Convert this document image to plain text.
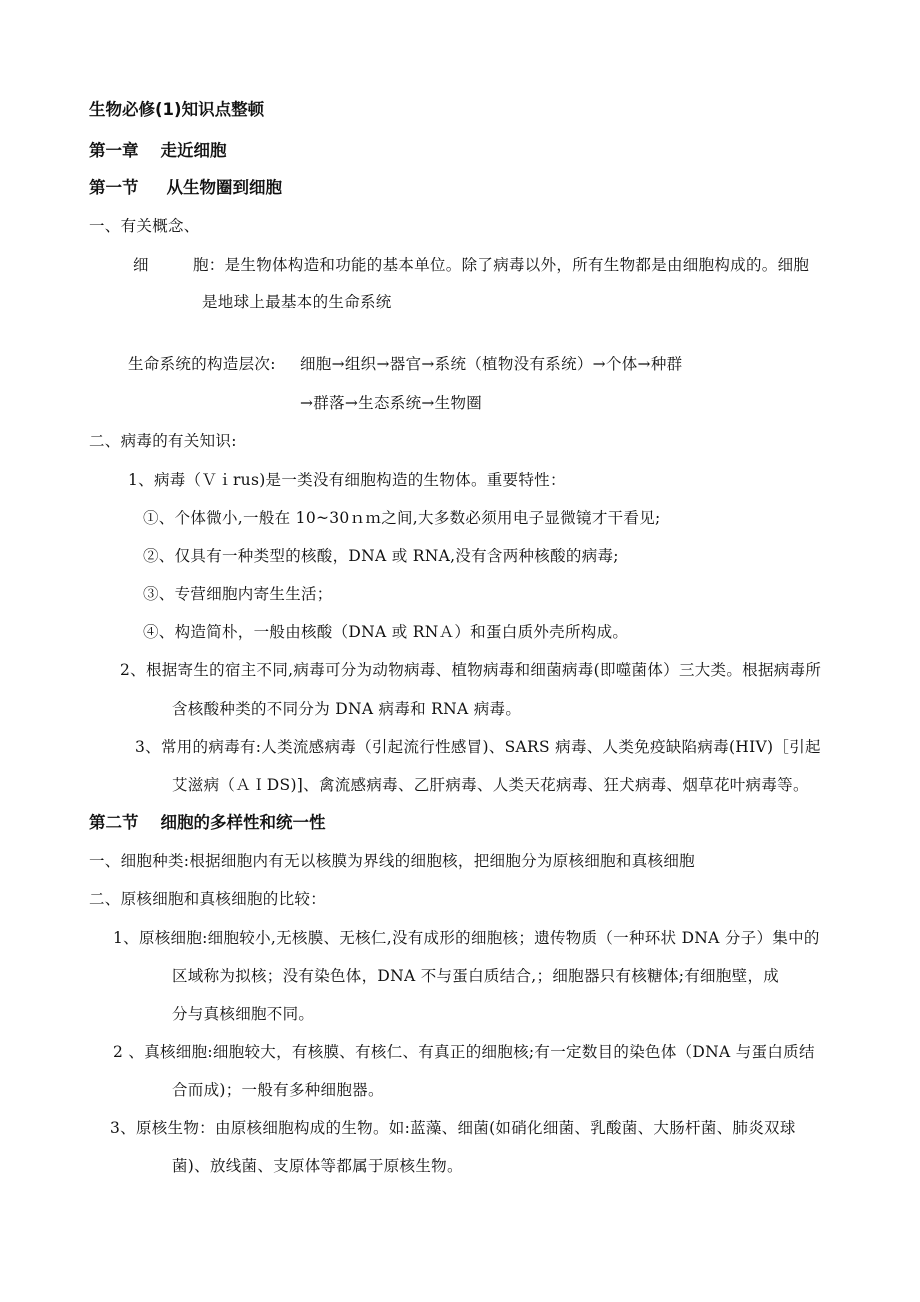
生物必修(1)知识点整顿
第一章 走近细胞
第一节 从生物圈到细胞
一、有关概念、
细	胞：是生物体构造和功能的基本单位。除了病毒以外，所有生物都是由细胞构成的。细胞
是地球上最基本的生命系统
生命系统的构造层次: 细胞→组织→器官→系统（植物没有系统）→个体→种群
→群落→生态系统→生物圈
二、病毒的有关知识:
1、病毒（Ｖｉrus)是一类没有细胞构造的生物体。重要特性：
①、个体微小,一般在 10~30ｎｍ之间,大多数必须用电子显微镜才干看见;
②、仅具有一种类型的核酸，DNA 或 RNA,没有含两种核酸的病毒;
③、专营细胞内寄生生活；
④、构造简朴，一般由核酸（DNA 或 RNＡ）和蛋白质外壳所构成。
2、根据寄生的宿主不同,病毒可分为动物病毒、植物病毒和细菌病毒(即噬菌体）三大类。根据病毒所
含核酸种类的不同分为 DNA 病毒和 RNA 病毒。
3、常用的病毒有:人类流感病毒（引起流行性感冒)、SARS 病毒、人类免疫缺陷病毒(HIV)［引起
艾滋病（ＡＩDS)]、禽流感病毒、乙肝病毒、人类天花病毒、狂犬病毒、烟草花叶病毒等。
第二节 细胞的多样性和统一性
一、细胞种类:根据细胞内有无以核膜为界线的细胞核，把细胞分为原核细胞和真核细胞
二、原核细胞和真核细胞的比较：
1、原核细胞:细胞较小,无核膜、无核仁,没有成形的细胞核；遗传物质（一种环状 DNA 分子）集中的
区域称为拟核；没有染色体，DNA 不与蛋白质结合,；细胞器只有核糖体;有细胞壁，成
分与真核细胞不同。
2 、真核细胞:细胞较大，有核膜、有核仁、有真正的细胞核;有一定数目的染色体（DNA 与蛋白质结
合而成)；一般有多种细胞器。
3、原核生物：由原核细胞构成的生物。如:蓝藻、细菌(如硝化细菌、乳酸菌、大肠杆菌、肺炎双球
菌)、放线菌、支原体等都属于原核生物。
